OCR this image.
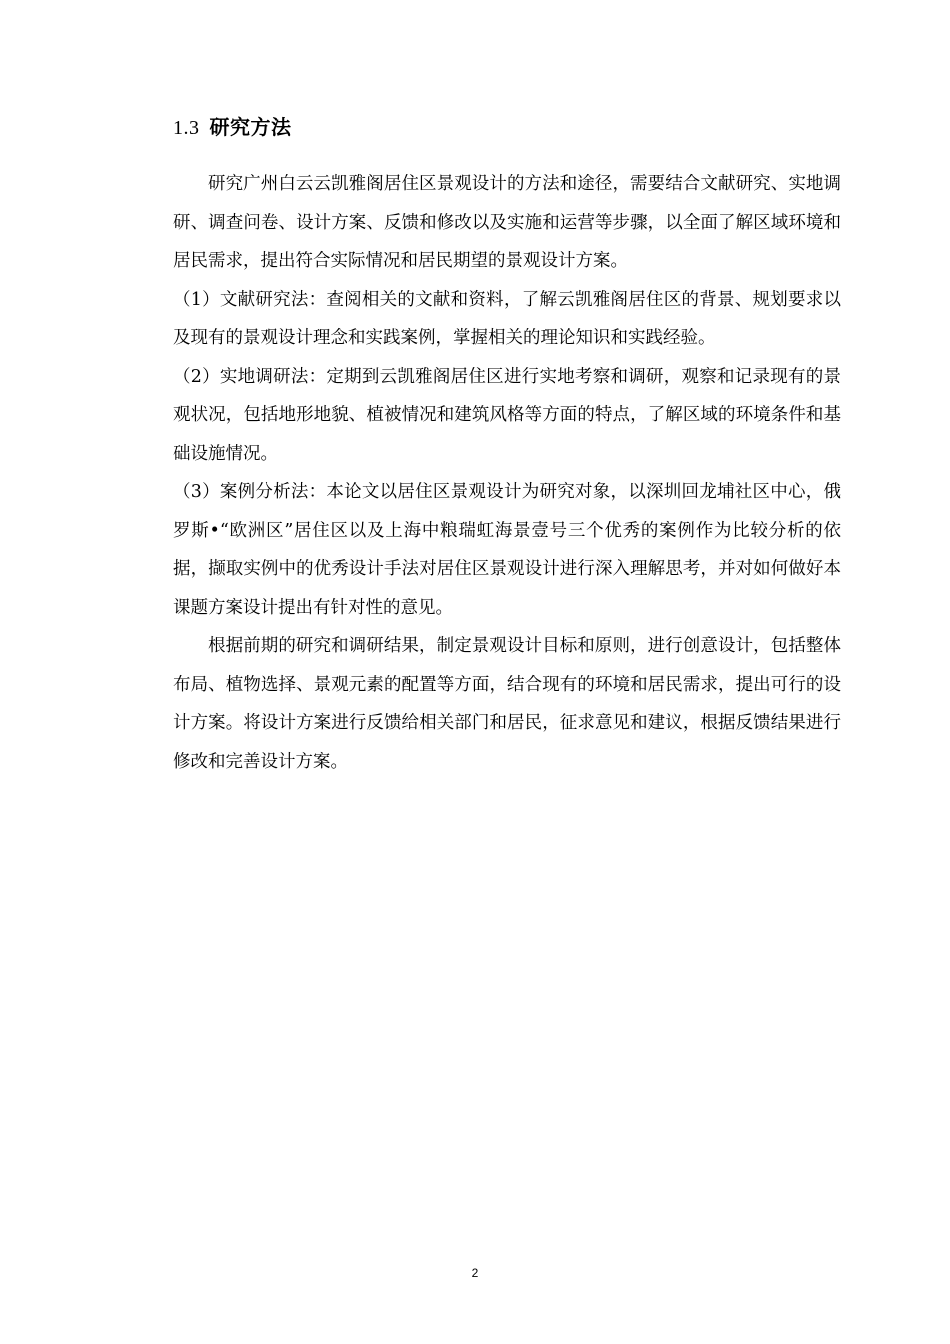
1.3 研究方法

研究广州白云云凯雅阁居住区景观设计的方法和途径，需要结合文献研究、实地调研、调查问卷、设计方案、反馈和修改以及实施和运营等步骤，以全面了解区域环境和居民需求，提出符合实际情况和居民期望的景观设计方案。

（1）文献研究法：查阅相关的文献和资料，了解云凯雅阁居住区的背景、规划要求以及现有的景观设计理念和实践案例，掌握相关的理论知识和实践经验。

（2）实地调研法：定期到云凯雅阁居住区进行实地考察和调研，观察和记录现有的景观状况，包括地形地貌、植被情况和建筑风格等方面的特点，了解区域的环境条件和基础设施情况。

（3）案例分析法：本论文以居住区景观设计为研究对象，以深圳回龙埔社区中心，俄罗斯•“欧洲区”居住区以及上海中粮瑞虹海景壹号三个优秀的案例作为比较分析的依据，撷取实例中的优秀设计手法对居住区景观设计进行深入理解思考，并对如何做好本课题方案设计提出有针对性的意见。

根据前期的研究和调研结果，制定景观设计目标和原则，进行创意设计，包括整体布局、植物选择、景观元素的配置等方面，结合现有的环境和居民需求，提出可行的设计方案。将设计方案进行反馈给相关部门和居民，征求意见和建议，根据反馈结果进行修改和完善设计方案。

2
